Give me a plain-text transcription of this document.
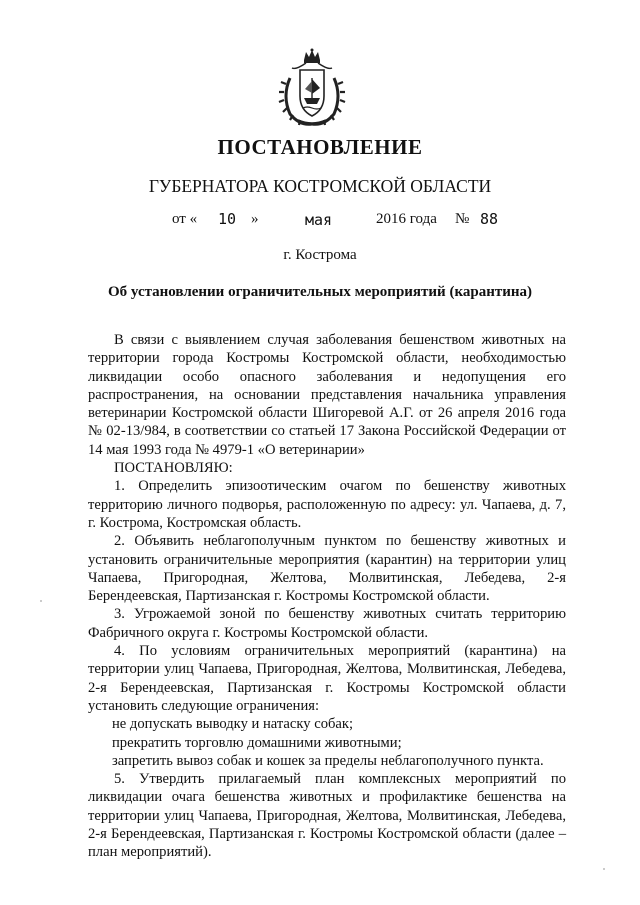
ПОСТАНОВЛЕНИЕ
ГУБЕРНАТОРА КОСТРОМСКОЙ ОБЛАСТИ
от « 10 »	мая	2016 года № 88
г. Кострома
Об установлении ограничительных мероприятий (карантина)

В связи с выявлением случая заболевания бешенством животных на территории города Костромы Костромской области, необходимостью ликвидации особо опасного заболевания и недопущения его распространения, на основании представления начальника управления ветеринарии Костромской области Шигоревой А.Г. от 26 апреля 2016 года № 02-13/984, в соответствии со статьей 17 Закона Российской Федерации от 14 мая 1993 года № 4979-1 «О ветеринарии»

ПОСТАНОВЛЯЮ:

1. Определить эпизоотическим очагом по бешенству животных территорию личного подворья, расположенную по адресу: ул. Чапаева, д. 7, г. Кострома, Костромская область.

2. Объявить неблагополучным пунктом по бешенству животных и установить ограничительные мероприятия (карантин) на территории улиц Чапаева, Пригородная, Желтова, Молвитинская, Лебедева, 2-я Берендеевская, Партизанская г. Костромы Костромской области.

3. Угрожаемой зоной по бешенству животных считать территорию Фабричного округа г. Костромы Костромской области.

4. По условиям ограничительных мероприятий (карантина) на территории улиц Чапаева, Пригородная, Желтова, Молвитинская, Лебедева, 2-я Берендеевская, Партизанская г. Костромы Костромской области установить следующие ограничения:

не допускать выводку и натаску собак;

прекратить торговлю домашними животными;

запретить вывоз собак и кошек за пределы неблагополучного пункта.

5. Утвердить прилагаемый план комплексных мероприятий по ликвидации очага бешенства животных и профилактике бешенства на территории улиц Чапаева, Пригородная, Желтова, Молвитинская, Лебедева, 2-я Берендеевская, Партизанская г. Костромы Костромской области (далее – план мероприятий).
